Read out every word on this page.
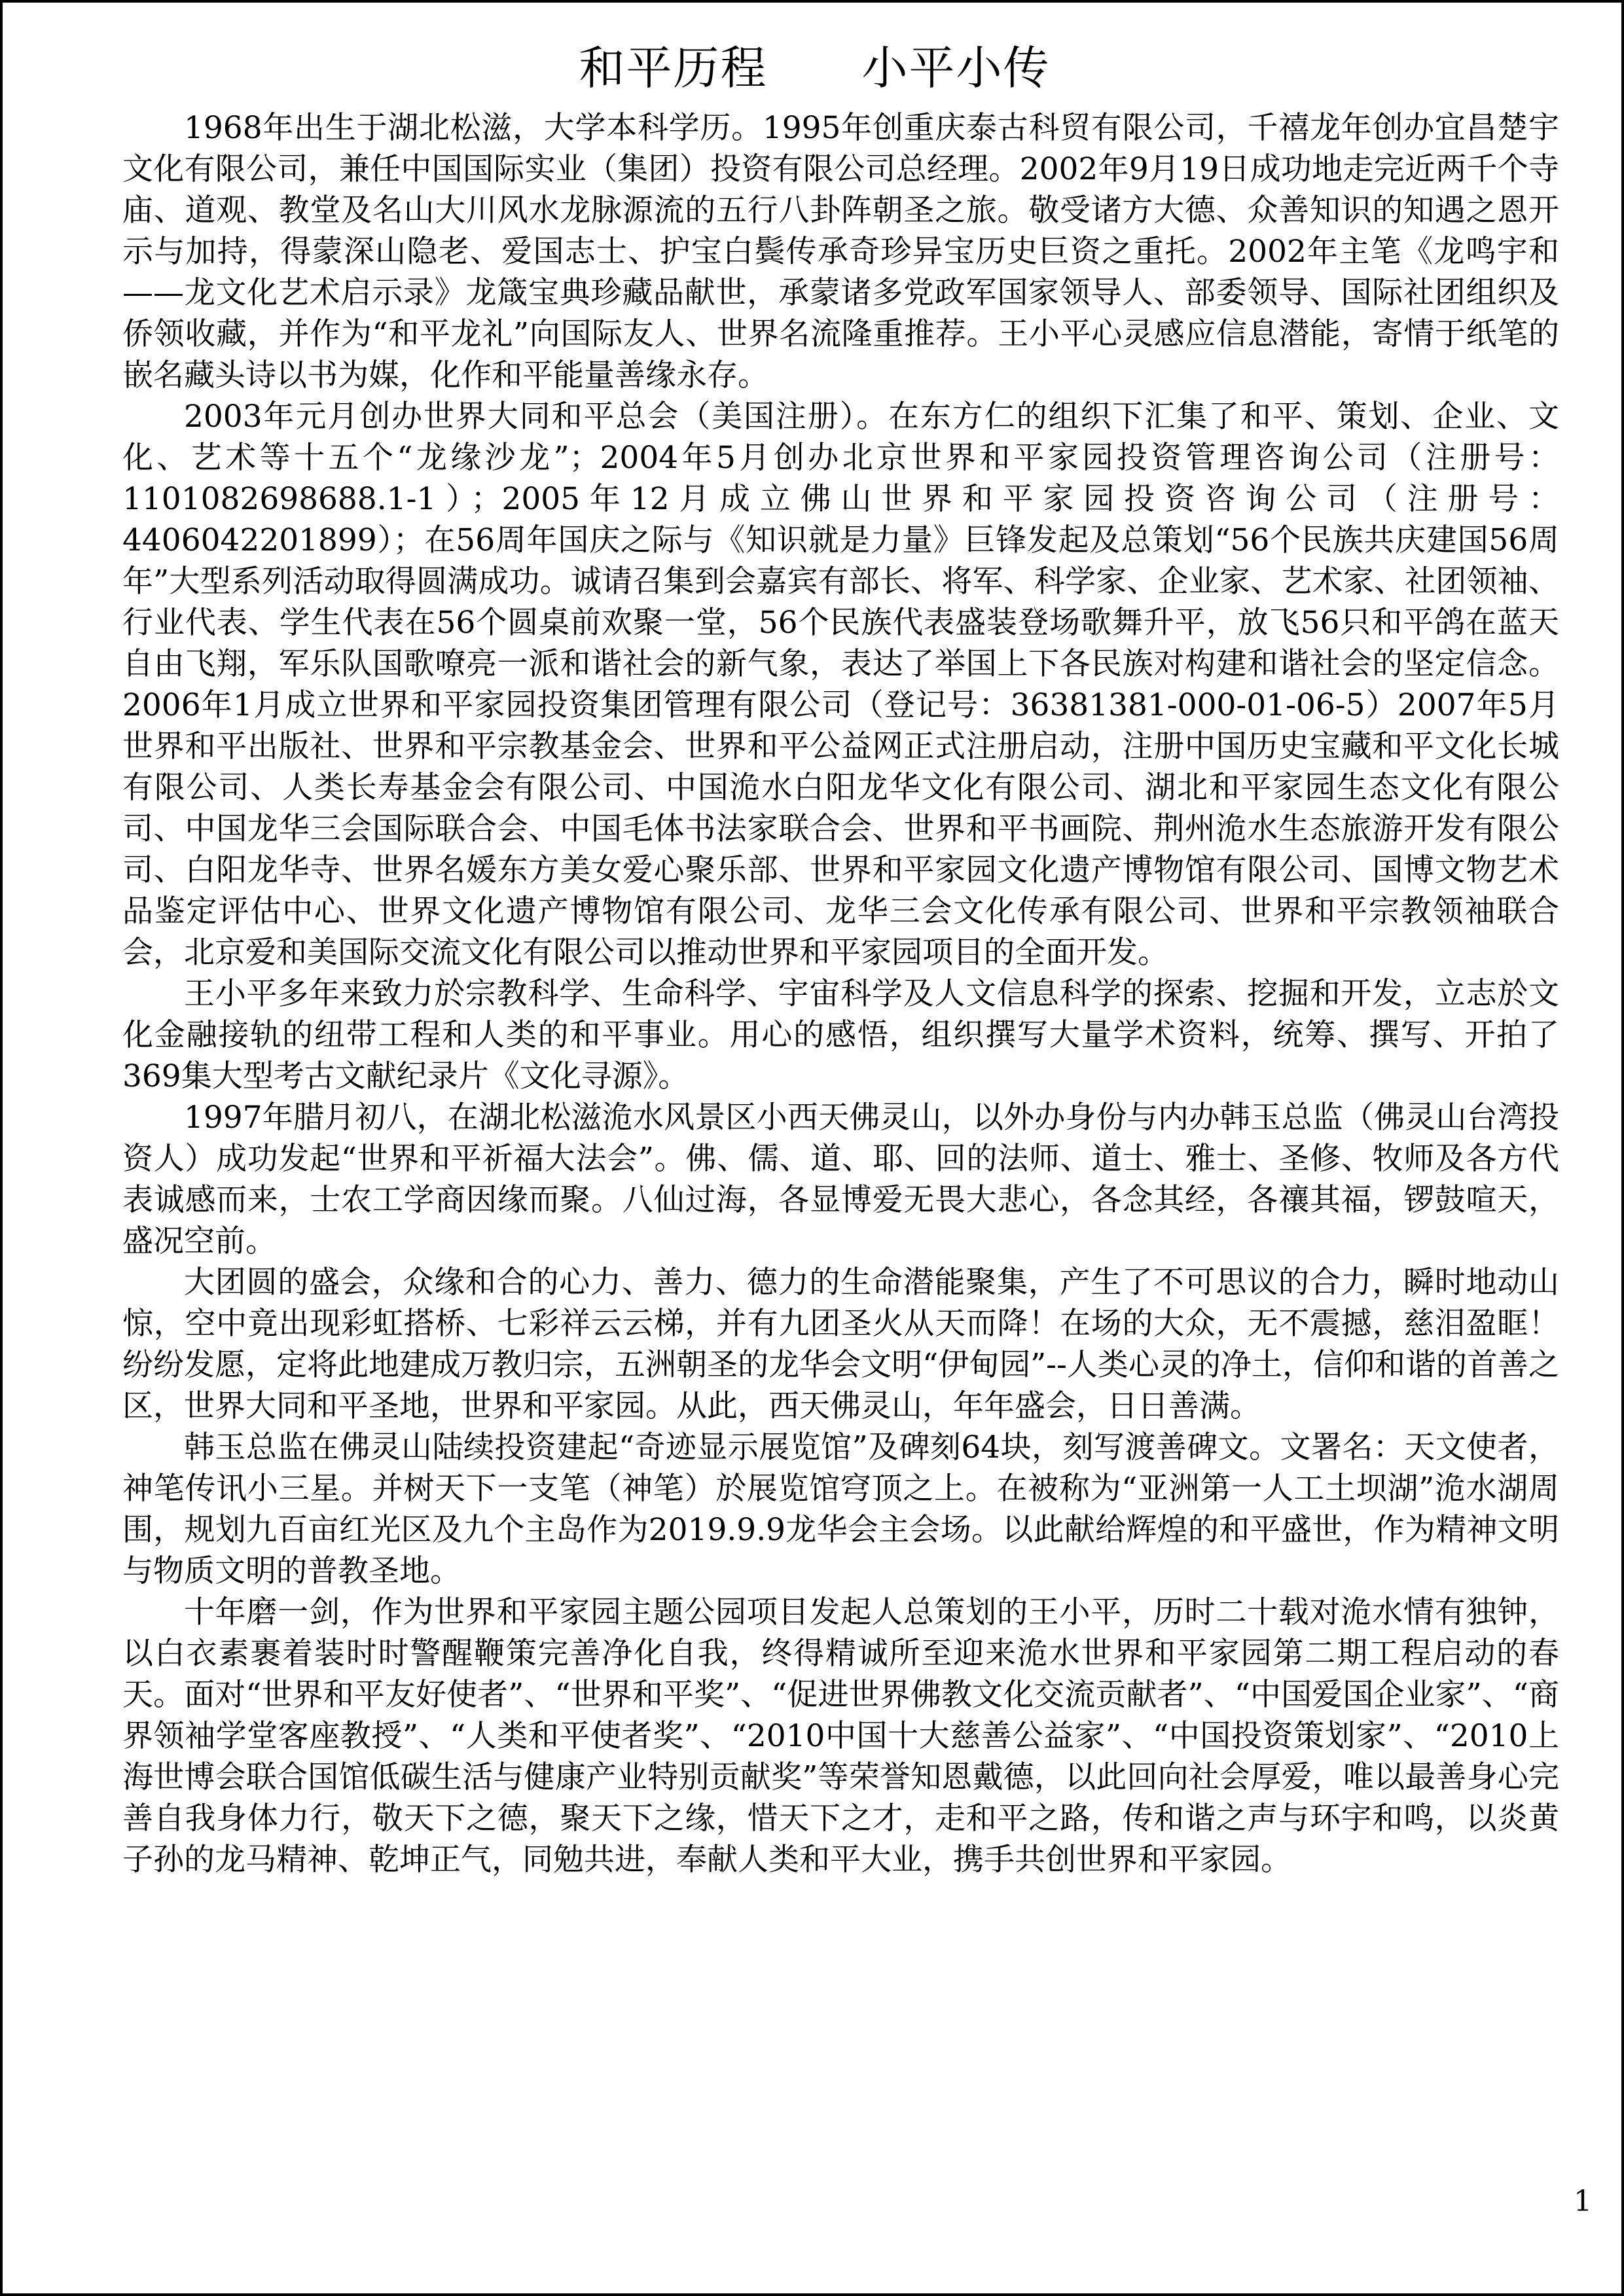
和平历程　　小平小传

1968年出生于湖北松滋，大学本科学历。1995年创重庆泰古科贸有限公司，千禧龙年创办宜昌楚宇文化有限公司，兼任中国国际实业（集团）投资有限公司总经理。2002年9月19日成功地走完近两千个寺庙、道观、教堂及名山大川风水龙脉源流的五行八卦阵朝圣之旅。敬受诸方大德、众善知识的知遇之恩开示与加持，得蒙深山隐老、爱国志士、护宝白鬓传承奇珍异宝历史巨资之重托。2002年主笔《龙鸣宇和——龙文化艺术启示录》龙箴宝典珍藏品献世，承蒙诸多党政军国家领导人、部委领导、国际社团组织及侨领收藏，并作为“和平龙礼”向国际友人、世界名流隆重推荐。王小平心灵感应信息潜能，寄情于纸笔的嵌名藏头诗以书为媒，化作和平能量善缘永存。

2003年元月创办世界大同和平总会（美国注册）。在东方仁的组织下汇集了和平、策划、企业、文化、艺术等十五个“龙缘沙龙”；2004年5月创办北京世界和平家园投资管理咨询公司（注册号：1101082698688.1-1）；2005年12月成立佛山世界和平家园投资咨询公司（注册号：4406042201899）；在56周年国庆之际与《知识就是力量》巨锋发起及总策划“56个民族共庆建国56周年”大型系列活动取得圆满成功。诚请召集到会嘉宾有部长、将军、科学家、企业家、艺术家、社团领袖、行业代表、学生代表在56个圆桌前欢聚一堂，56个民族代表盛装登场歌舞升平，放飞56只和平鸽在蓝天自由飞翔，军乐队国歌嘹亮一派和谐社会的新气象，表达了举国上下各民族对构建和谐社会的坚定信念。2006年1月成立世界和平家园投资集团管理有限公司（登记号：36381381-000-01-06-5）2007年5月世界和平出版社、世界和平宗教基金会、世界和平公益网正式注册启动，注册中国历史宝藏和平文化长城有限公司、人类长寿基金会有限公司、中国洈水白阳龙华文化有限公司、湖北和平家园生态文化有限公司、中国龙华三会国际联合会、中国毛体书法家联合会、世界和平书画院、荆州洈水生态旅游开发有限公司、白阳龙华寺、世界名媛东方美女爱心聚乐部、世界和平家园文化遗产博物馆有限公司、国博文物艺术品鉴定评估中心、世界文化遗产博物馆有限公司、龙华三会文化传承有限公司、世界和平宗教领袖联合会，北京爱和美国际交流文化有限公司以推动世界和平家园项目的全面开发。

王小平多年来致力於宗教科学、生命科学、宇宙科学及人文信息科学的探索、挖掘和开发，立志於文化金融接轨的纽带工程和人类的和平事业。用心的感悟，组织撰写大量学术资料，统筹、撰写、开拍了369集大型考古文献纪录片《文化寻源》。

1997年腊月初八，在湖北松滋洈水风景区小西天佛灵山，以外办身份与内办韩玉总监（佛灵山台湾投资人）成功发起“世界和平祈福大法会”。佛、儒、道、耶、回的法师、道士、雅士、圣修、牧师及各方代表诚感而来，士农工学商因缘而聚。八仙过海，各显博爱无畏大悲心，各念其经，各禳其福，锣鼓喧天，盛况空前。

大团圆的盛会，众缘和合的心力、善力、德力的生命潜能聚集，产生了不可思议的合力，瞬时地动山惊，空中竟出现彩虹搭桥、七彩祥云云梯，并有九团圣火从天而降！在场的大众，无不震撼，慈泪盈眶！纷纷发愿，定将此地建成万教归宗，五洲朝圣的龙华会文明“伊甸园”--人类心灵的净土，信仰和谐的首善之区，世界大同和平圣地，世界和平家园。从此，西天佛灵山，年年盛会，日日善满。

韩玉总监在佛灵山陆续投资建起“奇迹显示展览馆”及碑刻64块，刻写渡善碑文。文署名：天文使者，神笔传讯小三星。并树天下一支笔（神笔）於展览馆穹顶之上。在被称为“亚洲第一人工土坝湖”洈水湖周围，规划九百亩红光区及九个主岛作为2019.9.9龙华会主会场。以此献给辉煌的和平盛世，作为精神文明与物质文明的普教圣地。

十年磨一剑，作为世界和平家园主题公园项目发起人总策划的王小平，历时二十载对洈水情有独钟，以白衣素裹着装时时警醒鞭策完善净化自我，终得精诚所至迎来洈水世界和平家园第二期工程启动的春天。面对“世界和平友好使者”、“世界和平奖”、“促进世界佛教文化交流贡献者”、“中国爱国企业家”、“商界领袖学堂客座教授”、“人类和平使者奖”、“2010中国十大慈善公益家”、“中国投资策划家”、“2010上海世博会联合国馆低碳生活与健康产业特别贡献奖”等荣誉知恩戴德，以此回向社会厚爱，唯以最善身心完善自我身体力行，敬天下之德，聚天下之缘，惜天下之才，走和平之路，传和谐之声与环宇和鸣，以炎黄子孙的龙马精神、乾坤正气，同勉共进，奉献人类和平大业，携手共创世界和平家园。

1
